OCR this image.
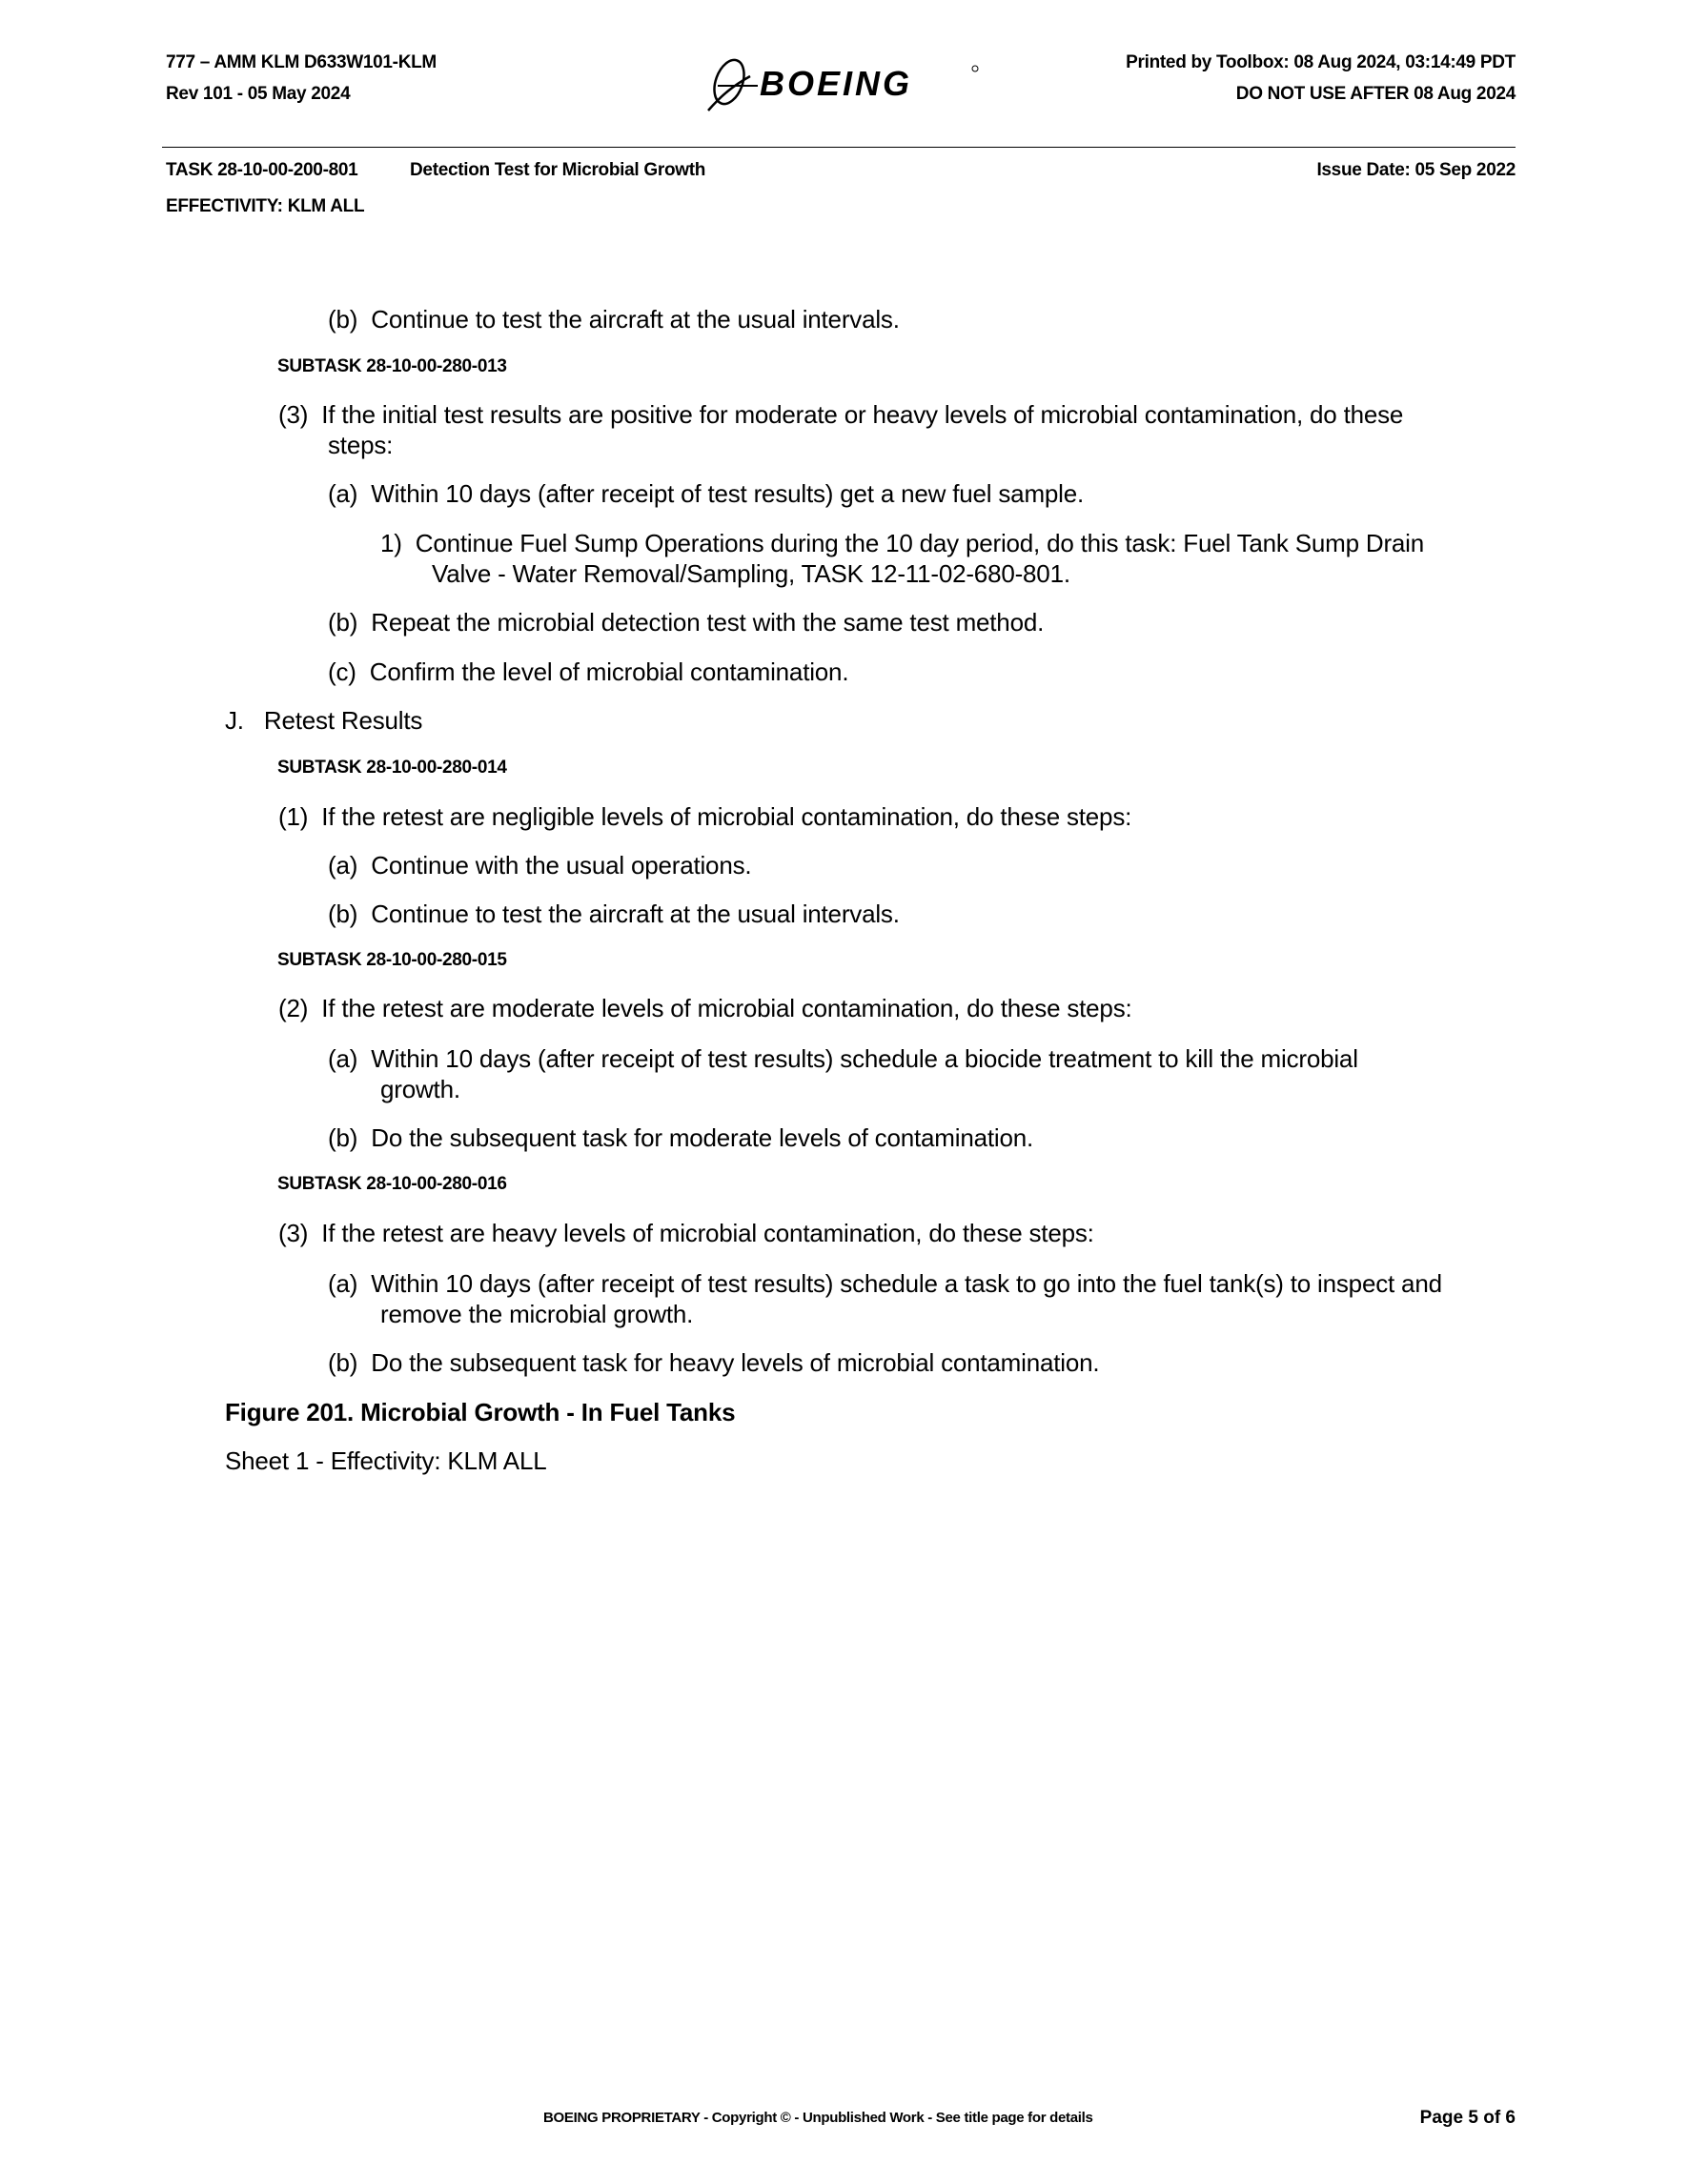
777 – AMM KLM D633W101-KLM
Rev 101 - 05 May 2024	BOEING
Printed by Toolbox: 08 Aug 2024, 03:14:49 PDT
DO NOT USE AFTER 08 Aug 2024
TASK 28-10-00-200-801	Detection Test for Microbial Growth	Issue Date: 05 Sep 2022
EFFECTIVITY: KLM ALL
(b) Continue to test the aircraft at the usual intervals.
SUBTASK 28-10-00-280-013
(3) If the initial test results are positive for moderate or heavy levels of microbial contamination, do these
steps:
(a) Within 10 days (after receipt of test results) get a new fuel sample.
1) Continue Fuel Sump Operations during the 10 day period, do this task: Fuel Tank Sump Drain
Valve - Water Removal/Sampling, TASK 12-11-02-680-801.
(b) Repeat the microbial detection test with the same test method.
(c) Confirm the level of microbial contamination.
J. Retest Results
SUBTASK 28-10-00-280-014
(1) If the retest are negligible levels of microbial contamination, do these steps:
(a) Continue with the usual operations.
(b) Continue to test the aircraft at the usual intervals.
SUBTASK 28-10-00-280-015
(2) If the retest are moderate levels of microbial contamination, do these steps:
(a) Within 10 days (after receipt of test results) schedule a biocide treatment to kill the microbial
growth.
(b) Do the subsequent task for moderate levels of contamination.
SUBTASK 28-10-00-280-016
(3) If the retest are heavy levels of microbial contamination, do these steps:
(a) Within 10 days (after receipt of test results) schedule a task to go into the fuel tank(s) to inspect and
remove the microbial growth.
(b) Do the subsequent task for heavy levels of microbial contamination.
Figure 201. Microbial Growth - In Fuel Tanks
Sheet 1 - Effectivity: KLM ALL
BOEING PROPRIETARY - Copyright © - Unpublished Work - See title page for details	Page 5 of 6
